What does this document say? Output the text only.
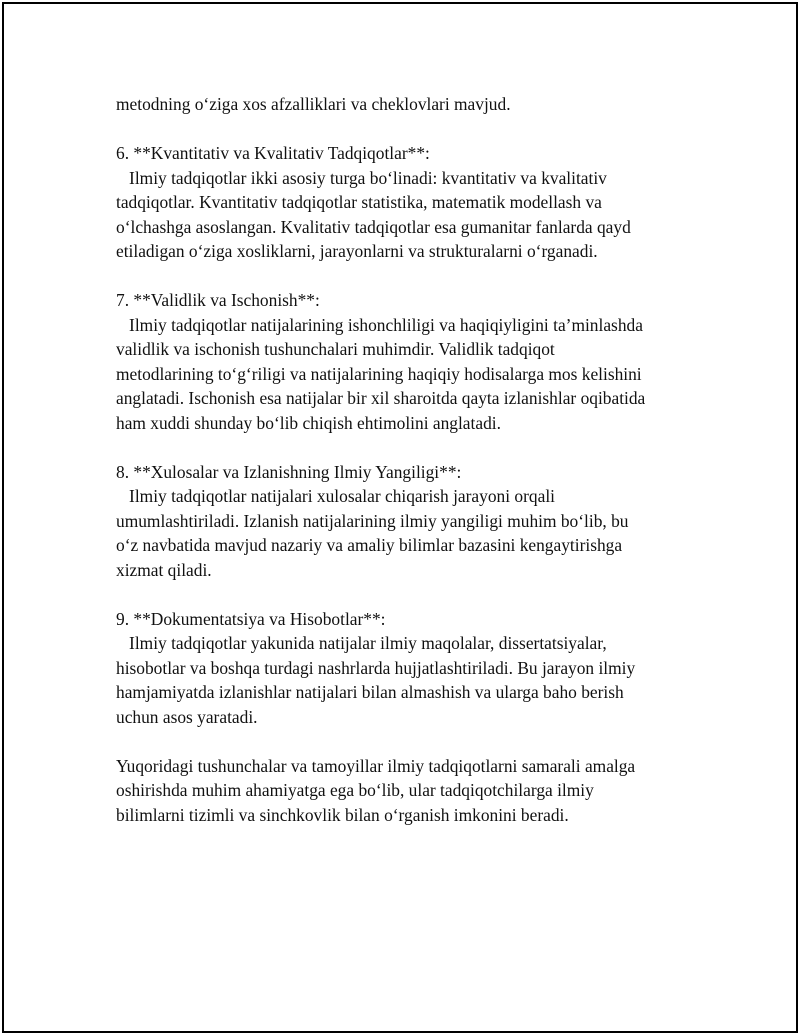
metodning o‘ziga xos afzalliklari va cheklovlari mavjud.

6. **Kvantitativ va Kvalitativ Tadqiqotlar**:
Ilmiy tadqiqotlar ikki asosiy turga bo‘linadi: kvantitativ va kvalitativ
tadqiqotlar. Kvantitativ tadqiqotlar statistika, matematik modellash va
o‘lchashga asoslangan. Kvalitativ tadqiqotlar esa gumanitar fanlarda qayd
etiladigan o‘ziga xosliklarni, jarayonlarni va strukturalarni o‘rganadi.

7. **Validlik va Ischonish**:
Ilmiy tadqiqotlar natijalarining ishonchliligi va haqiqiyligini ta’minlashda
validlik va ischonish tushunchalari muhimdir. Validlik tadqiqot
metodlarining to‘g‘riligi va natijalarining haqiqiy hodisalarga mos kelishini
anglatadi. Ischonish esa natijalar bir xil sharoitda qayta izlanishlar oqibatida
ham xuddi shunday bo‘lib chiqish ehtimolini anglatadi.

8. **Xulosalar va Izlanishning Ilmiy Yangiligi**:
Ilmiy tadqiqotlar natijalari xulosalar chiqarish jarayoni orqali
umumlashtiriladi. Izlanish natijalarining ilmiy yangiligi muhim bo‘lib, bu
o‘z navbatida mavjud nazariy va amaliy bilimlar bazasini kengaytirishga
xizmat qiladi.

9. **Dokumentatsiya va Hisobotlar**:
Ilmiy tadqiqotlar yakunida natijalar ilmiy maqolalar, dissertatsiyalar,
hisobotlar va boshqa turdagi nashrlarda hujjatlashtiriladi. Bu jarayon ilmiy
hamjamiyatda izlanishlar natijalari bilan almashish va ularga baho berish
uchun asos yaratadi.

Yuqoridagi tushunchalar va tamoyillar ilmiy tadqiqotlarni samarali amalga
oshirishda muhim ahamiyatga ega bo‘lib, ular tadqiqotchilarga ilmiy
bilimlarni tizimli va sinchkovlik bilan o‘rganish imkonini beradi.
